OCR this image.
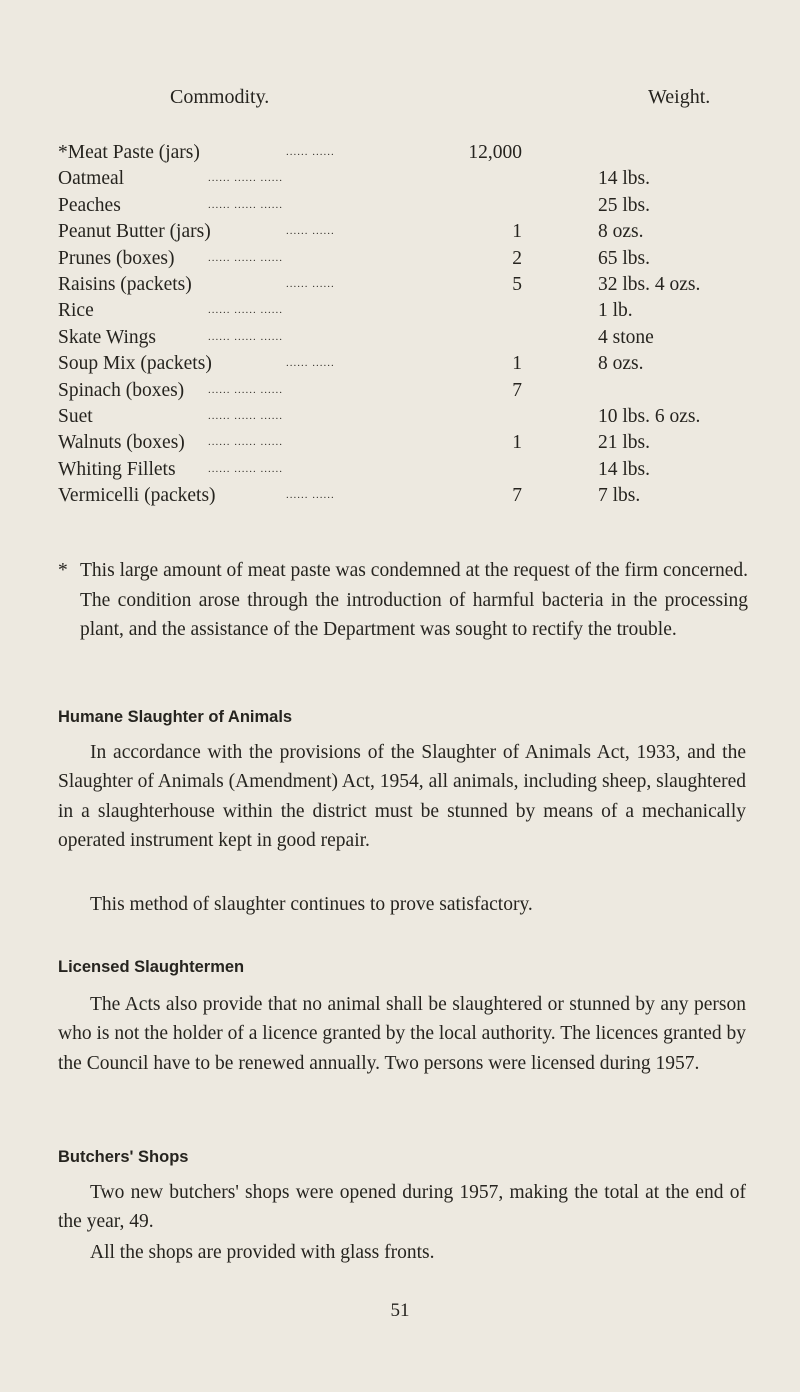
Commodity.	Weight.
*Meat Paste (jars)	...... ......	12,000
Oatmeal	...... ...... ......	14 lbs.
Peaches	...... ...... ......	25 lbs.
Peanut Butter (jars)	...... ......	1	8 ozs.
Prunes (boxes)	...... ...... ......	2	65 lbs.
Raisins (packets)	...... ......	5	32 lbs. 4 ozs.
Rice	...... ...... ......	1 lb.
Skate Wings	...... ...... ......	4 stone
Soup Mix (packets)	...... ......	1	8 ozs.
Spinach (boxes) ...... ...... ......	7
Suet	...... ...... ......	10 lbs. 6 ozs.
Walnuts (boxes) ...... ...... ......	1	21 lbs.
Whiting Fillets	...... ...... ......	14 lbs.
Vermicelli (packets)	...... ......	7	7 lbs.
* This large amount of meat paste was condemned at the request of the firm concerned. The condition arose through the introduction of harmful bacteria in the processing plant, and the assistance of the Department was sought to rectify the trouble.
Humane Slaughter of Animals
In accordance with the provisions of the Slaughter of Animals Act, 1933, and the Slaughter of Animals (Amendment) Act, 1954, all animals, including sheep, slaughtered in a slaughterhouse within the district must be stunned by means of a mechanically operated instrument kept in good repair.
This method of slaughter continues to prove satisfactory.
Licensed Slaughtermen
The Acts also provide that no animal shall be slaughtered or stunned by any person who is not the holder of a licence granted by the local authority. The licences granted by the Council have to be renewed annually. Two persons were licensed during 1957.
Butchers' Shops
Two new butchers' shops were opened during 1957, making the total at the end of the year, 49.
All the shops are provided with glass fronts.
51
